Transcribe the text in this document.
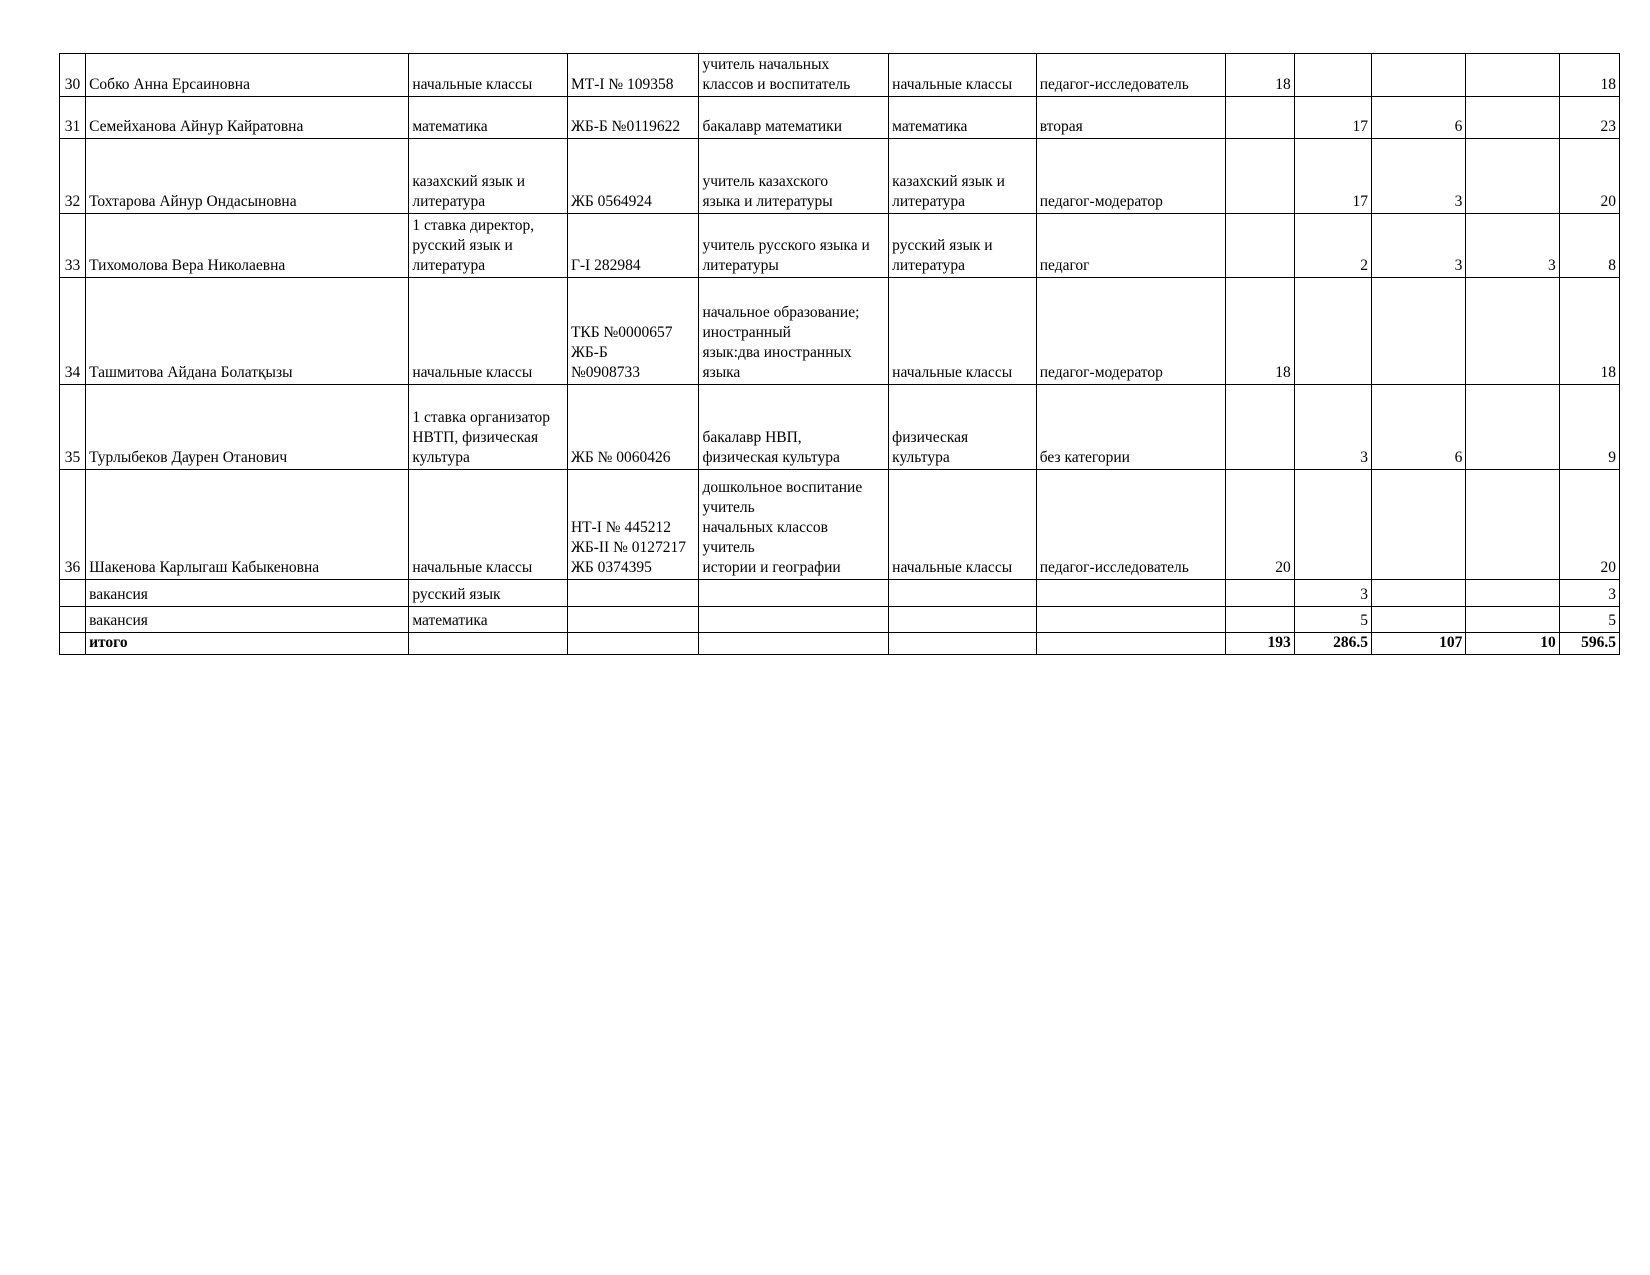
30	Собко Анна Ерсаиновна	начальные классы	МТ-I № 109358	учитель начальных
классов и воспитатель	начальные классы	педагог-исследователь	18				18
31	Семейханова Айнур Кайратовна	математика	ЖБ-Б №0119622	бакалавр математики	математика	вторая		17	6		23
32	Тохтарова Айнур Ондасыновна	казахский язык и
литература	ЖБ 0564924	учитель казахского
языка и литературы	казахский язык и
литература	педагог-модератор		17	3		20
33	Тихомолова Вера Николаевна	1 ставка директор,
русский язык и
литература	Г-I 282984	учитель русского языка и
литературы	русский язык и
литература	педагог		2	3	3	8
34	Ташмитова Айдана Болатқызы	начальные классы	ТКБ №0000657
ЖБ-Б
№0908733	начальное образование;
иностранный
язык:два иностранных
языка	начальные классы	педагог-модератор	18				18
35	Турлыбеков Даурен Отанович	1 ставка организатор
НВТП, физическая
культура	ЖБ № 0060426	бакалавр НВП,
физическая культура	физическая
культура	без категории		3	6		9
36	Шакенова Карлыгаш Кабыкеновна	начальные классы	НТ-I № 445212
ЖБ-II № 0127217
ЖБ 0374395	дошкольное воспитание
учитель
начальных классов
учитель
истории и географии	начальные классы	педагог-исследователь	20				20
	вакансия	русский язык						3			3
	вакансия	математика						5			5
	итого						193	286.5	107	10	596.5
